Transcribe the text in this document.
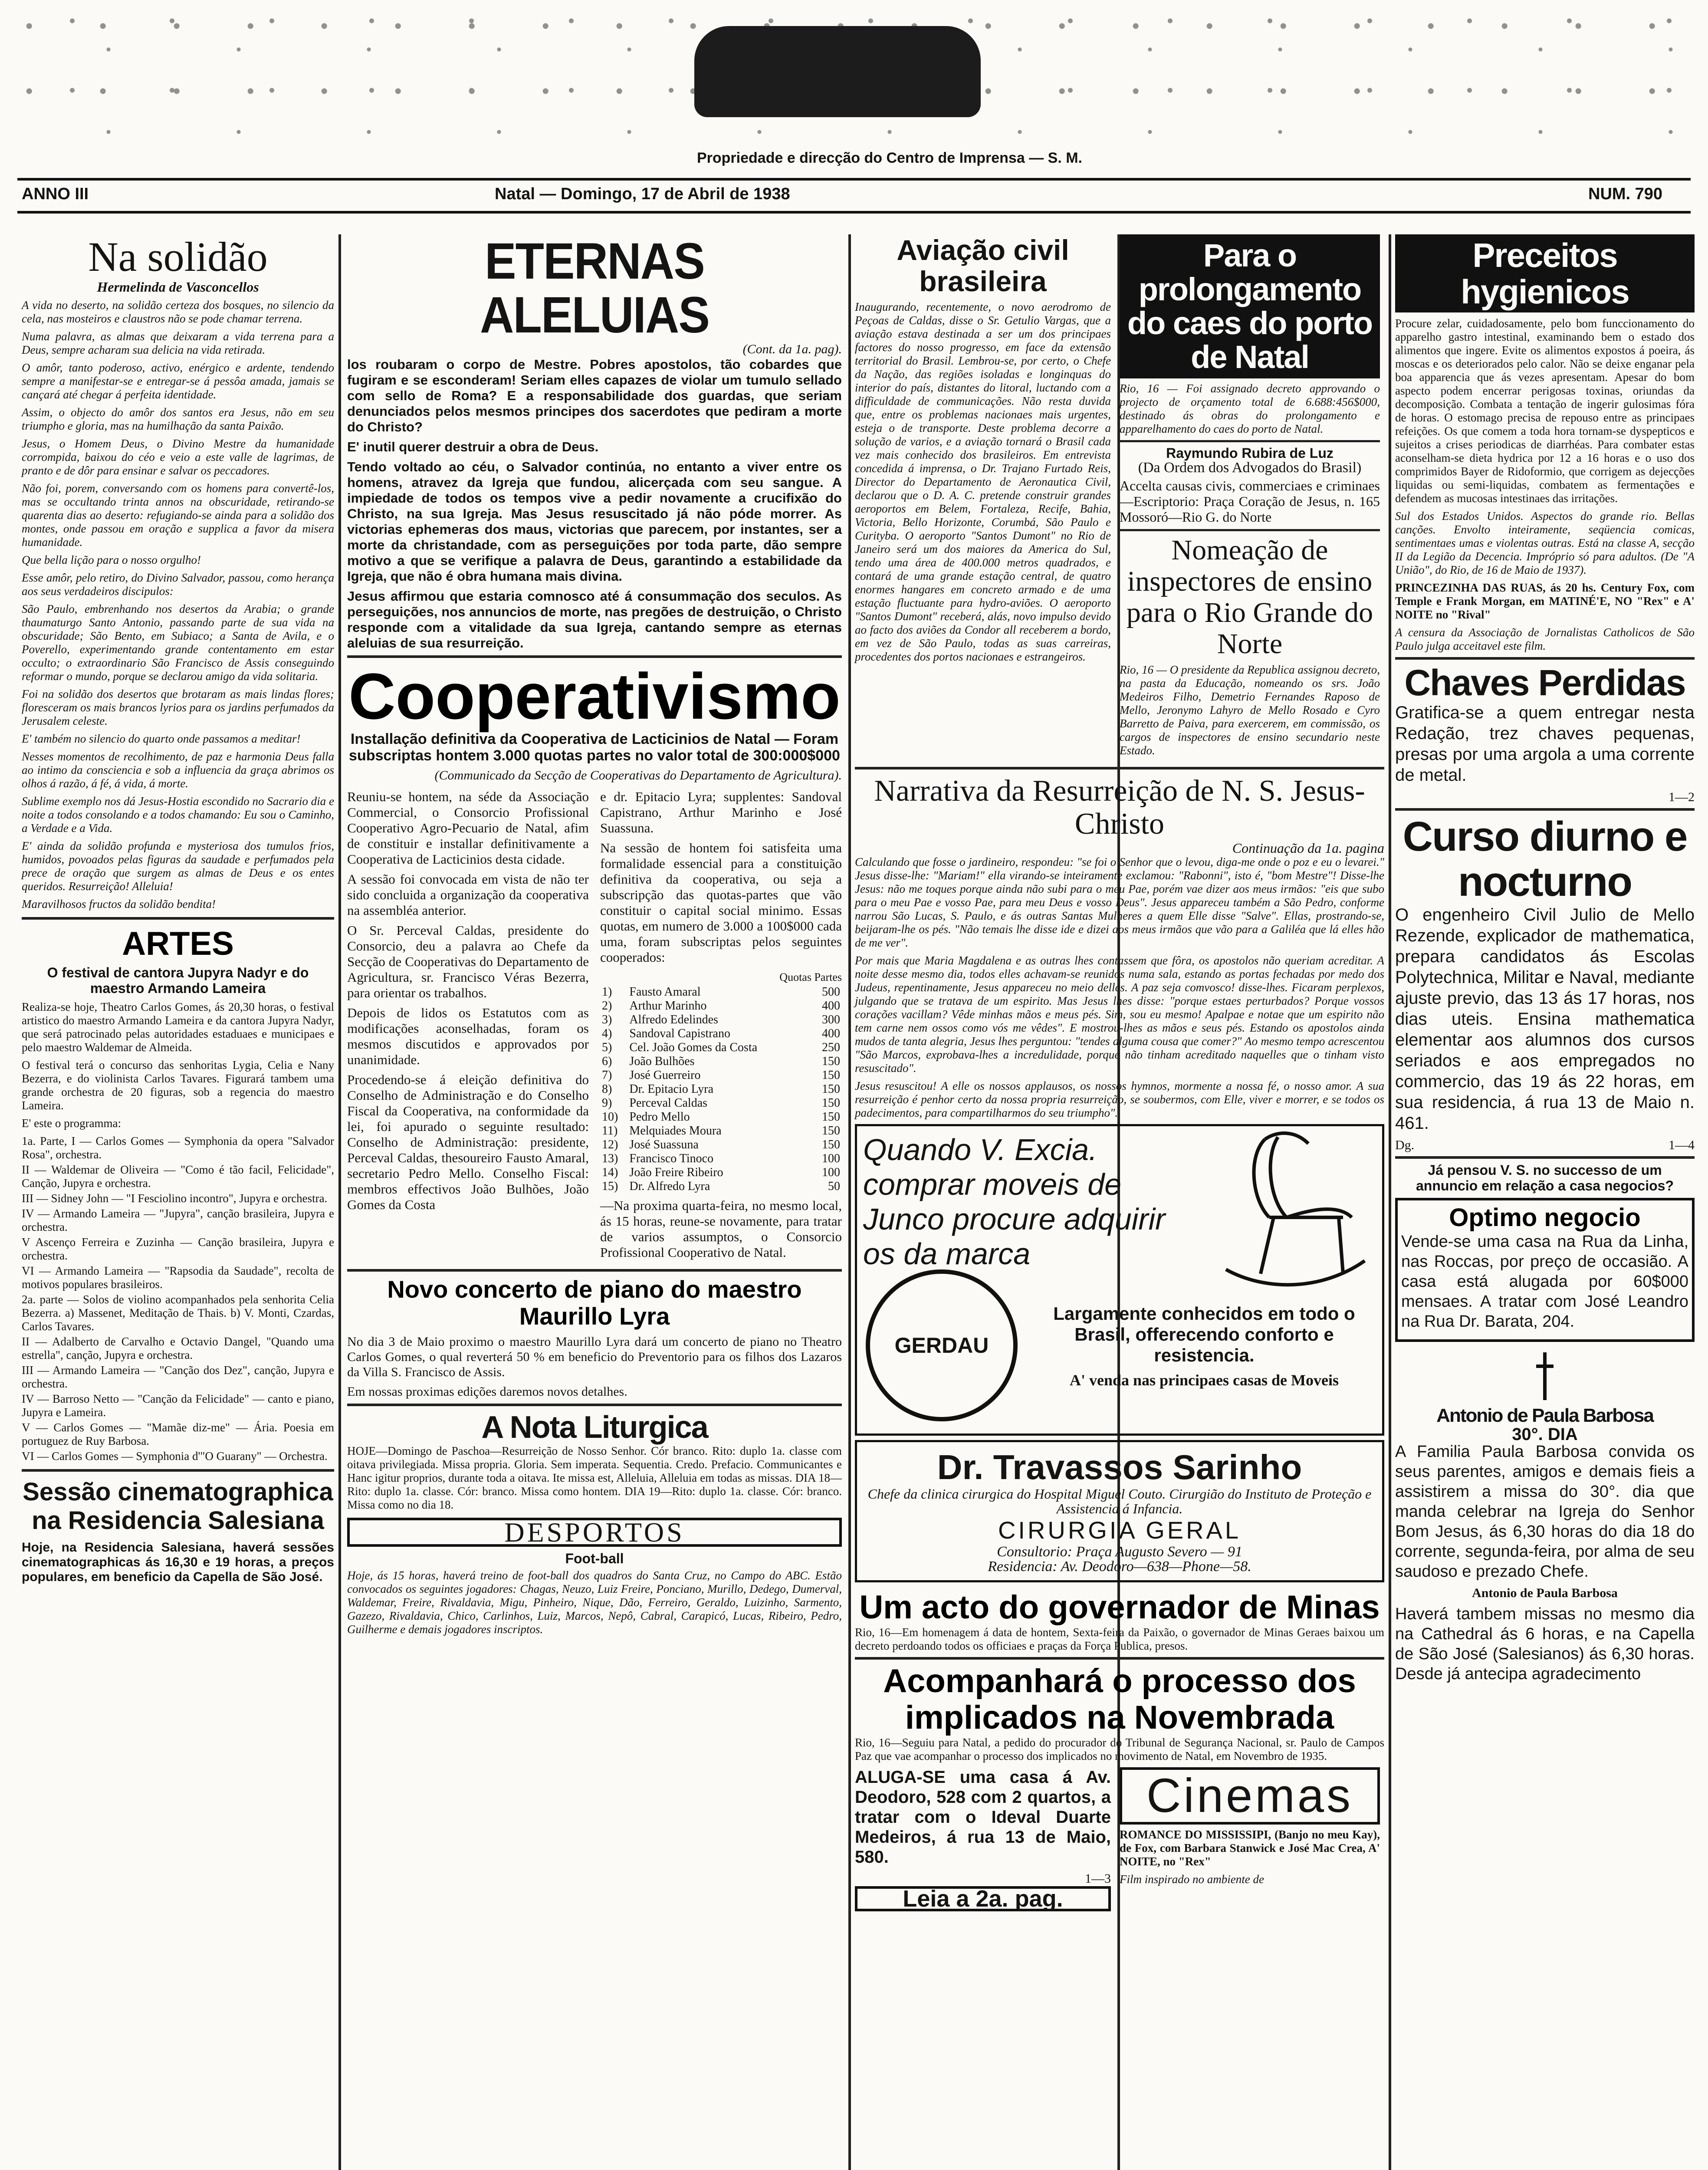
Propriedade e direcção do Centro de Imprensa — S. M.
ANNO III	Natal — Domingo, 17 de Abril de 1938	NUM. 790
Na solidão
Hermelinda de Vasconcellos

A vida no deserto, na solidão certeza dos bosques, no silencio da cela, nas mosteiros e claustros não se pode chamar terrena.

Numa palavra, as almas que deixaram a vida terrena para a Deus, sempre acharam sua delicia na vida retirada.

O amôr, tanto poderoso, activo, enérgico e ardente, tendendo sempre a manifestar-se e entregar-se á pessôa amada, jamais se cançará até chegar á perfeita identidade.

Assim, o objecto do amôr dos santos era Jesus, não em seu triumpho e gloria, mas na humilhação da santa Paixão.

Jesus, o Homem Deus, o Divino Mestre da humanidade corrompida, baixou do céo e veio a este valle de lagrimas, de pranto e de dôr para ensinar e salvar os peccadores.

Não foi, porem, conversando com os homens para convertê-los, mas se occultando trinta annos na obscuridade, retirando-se quarenta dias ao deserto: refugiando-se ainda para a solidão dos montes, onde passou em oração e supplica a favor da misera humanidade.

Que bella lição para o nosso orgulho!

Esse amôr, pelo retiro, do Divino Salvador, passou, como herança aos seus verdadeiros discipulos:

São Paulo, embrenhando nos desertos da Arabia; o grande thaumaturgo Santo Antonio, passando parte de sua vida na obscuridade; São Bento, em Subiaco; a Santa de Avila, e o Poverello, experimentando grande contentamento em estar occulto; o extraordinario São Francisco de Assis conseguindo reformar o mundo, porque se declarou amigo da vida solitaria.

Foi na solidão dos desertos que brotaram as mais lindas flores; floresceram os mais brancos lyrios para os jardins perfumados da Jerusalem celeste.

E' também no silencio do quarto onde passamos a meditar!

Nesses momentos de recolhimento, de paz e harmonia Deus falla ao intimo da consciencia e sob a influencia da graça abrimos os olhos á razão, á fé, á vida, á morte.

Sublime exemplo nos dá Jesus-Hostia escondido no Sacrario dia e noite a todos consolando e a todos chamando: Eu sou o Caminho, a Verdade e a Vida.

E' ainda da solidão profunda e mysteriosa dos tumulos frios, humidos, povoados pelas figuras da saudade e perfumados pela prece de oração que surgem as almas de Deus e os entes queridos. Resurreição! Alleluia!

Maravilhosos fructos da solidão bendita!

ARTES
O festival de cantora Jupyra Nadyr e do maestro Armando Lameira

Realiza-se hoje, Theatro Carlos Gomes, ás 20,30 horas, o festival artistico do maestro Armando Lameira e da cantora Jupyra Nadyr, que será patrocinado pelas autoridades estaduaes e municipaes e pelo maestro Waldemar de Almeida.

O festival terá o concurso das senhoritas Lygia, Celia e Nany Bezerra, e do violinista Carlos Tavares. Figurará tambem uma grande orchestra de 20 figuras, sob a regencia do maestro Lameira.

E' este o programma:

1a. Parte, I — Carlos Gomes — Symphonia da opera "Salvador Rosa", orchestra.

II — Waldemar de Oliveira — "Como é tão facil, Felicidade", Canção, Jupyra e orchestra.

III — Sidney John — "I Fesciolino incontro", Jupyra e orchestra.

IV — Armando Lameira — "Jupyra", canção brasileira, Jupyra e orchestra.

V Ascenço Ferreira e Zuzinha — Canção brasileira, Jupyra e orchestra.

VI — Armando Lameira — "Rapsodia da Saudade", recolta de motivos populares brasileiros.

2a. parte — Solos de violino acompanhados pela senhorita Celia Bezerra. a) Massenet, Meditação de Thais. b) V. Monti, Czardas, Carlos Tavares.

II — Adalberto de Carvalho e Octavio Dangel, "Quando uma estrella", canção, Jupyra e orchestra.

III — Armando Lameira — "Canção dos Dez", canção, Jupyra e orchestra.

IV — Barroso Netto — "Canção da Felicidade" — canto e piano, Jupyra e Lameira.

V — Carlos Gomes — "Mamãe diz-me" — Ária. Poesia em portuguez de Ruy Barbosa.

VI — Carlos Gomes — Symphonia d'"O Guarany" — Orchestra.

Sessão cinematographica na Residencia Salesiana

Hoje, na Residencia Salesiana, haverá sessões cinematographicas ás 16,30 e 19 horas, a preços populares, em beneficio da Capella de São José.

ETERNAS ALELUIAS
(Cont. da 1a. pag).

los roubaram o corpo de Mestre. Pobres apostolos, tão cobardes que fugiram e se esconderam! Seriam elles capazes de violar um tumulo sellado com sello de Roma? E a responsabilidade dos guardas, que seriam denunciados pelos mesmos principes dos sacerdotes que pediram a morte do Christo?

E' inutil querer destruir a obra de Deus.

Tendo voltado ao céu, o Salvador continúa, no entanto a viver entre os homens, atravez da Igreja que fundou, alicerçada com seu sangue. A impiedade de todos os tempos vive a pedir novamente a crucifixão do Christo, na sua Igreja. Mas Jesus resuscitado já não póde morrer. As victorias ephemeras dos maus, victorias que parecem, por instantes, ser a morte da christandade, com as perseguições por toda parte, dão sempre motivo a que se verifique a palavra de Deus, garantindo a estabilidade da Igreja, que não é obra humana mais divina.

Jesus affirmou que estaria comnosco até á consummação dos seculos. As perseguições, nos annuncios de morte, nas pregões de destruição, o Christo responde com a vitalidade da sua Igreja, cantando sempre as eternas aleluias de sua resurreição.

Cooperativismo
Installação definitiva da Cooperativa de Lacticinios de Natal — Foram subscriptas hontem 3.000 quotas partes no valor total de 300:000$000
(Communicado da Secção de Cooperativas do Departamento de Agricultura).

Reuniu-se hontem, na séde da Associação Commercial, o Consorcio Profissional Cooperativo Agro-Pecuario de Natal, afim de constituir e installar definitivamente a Cooperativa de Lacticinios desta cidade.

A sessão foi convocada em vista de não ter sido concluida a organização da cooperativa na assembléa anterior.

O Sr. Perceval Caldas, presidente do Consorcio, deu a palavra ao Chefe da Secção de Cooperativas do Departamento de Agricultura, sr. Francisco Véras Bezerra, para orientar os trabalhos.

Depois de lidos os Estatutos com as modificações aconselhadas, foram os mesmos discutidos e approvados por unanimidade.

Procedendo-se á eleição definitiva do Conselho de Administração e do Conselho Fiscal da Cooperativa, na conformidade da lei, foi apurado o seguinte resultado: Conselho de Administração: presidente, Perceval Caldas, thesoureiro Fausto Amaral, secretario Pedro Mello. Conselho Fiscal: membros effectivos João Bulhões, João Gomes da Costa

e dr. Epitacio Lyra; supplentes: Sandoval Capistrano, Arthur Marinho e José Suassuna.

Na sessão de hontem foi satisfeita uma formalidade essencial para a constituição definitiva da cooperativa, ou seja a subscripção das quotas-partes que vão constituir o capital social minimo. Essas quotas, em numero de 3.000 a 100$000 cada uma, foram subscriptas pelos seguintes cooperados:

Quotas Partes
1)	Fausto Amaral	500
2)	Arthur Marinho	400
3)	Alfredo Edelindes	300
4)	Sandoval Capistrano	400
5)	Cel. João Gomes da Costa	250
6)	João Bulhões	150
7)	José Guerreiro	150
8)	Dr. Epitacio Lyra	150
9)	Perceval Caldas	150
10)	Pedro Mello	150
11)	Melquiades Moura	150
12)	José Suassuna	150
13)	Francisco Tinoco	100
14)	João Freire Ribeiro	100
15)	Dr. Alfredo Lyra	50

—Na proxima quarta-feira, no mesmo local, ás 15 horas, reune-se novamente, para tratar de varios assumptos, o Consorcio Profissional Cooperativo de Natal.

Novo concerto de piano do maestro Maurillo Lyra

No dia 3 de Maio proximo o maestro Maurillo Lyra dará um concerto de piano no Theatro Carlos Gomes, o qual reverterá 50 % em beneficio do Preventorio para os filhos dos Lazaros da Villa S. Francisco de Assis.

Em nossas proximas edições daremos novos detalhes.

A Nota Liturgica

HOJE—Domingo de Paschoa—Resurreição de Nosso Senhor. Cór branco. Rito: duplo 1a. classe com oitava privilegiada. Missa propria. Gloria. Sem imperata. Sequentia. Credo. Prefacio. Communicantes e Hanc igitur proprios, durante toda a oitava. Ite missa est, Alleluia, Alleluia em todas as missas. DIA 18—Rito: duplo 1a. classe. Cór: branco. Missa como hontem. DIA 19—Rito: duplo 1a. classe. Cór: branco. Missa como no dia 18.

DESPORTOS
Foot-ball

Hoje, ás 15 horas, haverá treino de foot-ball dos quadros do Santa Cruz, no Campo do ABC. Estão convocados os seguintes jogadores: Chagas, Neuzo, Luiz Freire, Ponciano, Murillo, Dedego, Dumerval, Waldemar, Freire, Rivaldavia, Migu, Pinheiro, Nique, Dão, Ferreiro, Geraldo, Luizinho, Sarmento, Gazezo, Rivaldavia, Chico, Carlinhos, Luiz, Marcos, Nepô, Cabral, Carapicó, Lucas, Ribeiro, Pedro, Guilherme e demais jogadores inscriptos.

Aviação civil brasileira

Inaugurando, recentemente, o novo aerodromo de Peçoas de Caldas, disse o Sr. Getulio Vargas, que a aviação estava destinada a ser um dos principaes factores do nosso progresso, em face da extensão territorial do Brasil. Lembrou-se, por certo, o Chefe da Nação, das regiões isoladas e longinquas do interior do país, distantes do litoral, luctando com a difficuldade de communicações. Não resta duvida que, entre os problemas nacionaes mais urgentes, esteja o de transporte. Deste problema decorre a solução de varios, e a aviação tornará o Brasil cada vez mais conhecido dos brasileiros. Em entrevista concedida á imprensa, o Dr. Trajano Furtado Reis, Director do Departamento de Aeronautica Civil, declarou que o D. A. C. pretende construir grandes aeroportos em Belem, Fortaleza, Recife, Bahia, Victoria, Bello Horizonte, Corumbá, São Paulo e Curityba. O aeroporto "Santos Dumont" no Rio de Janeiro será um dos maiores da America do Sul, tendo uma área de 400.000 metros quadrados, e contará de uma grande estação central, de quatro enormes hangares em concreto armado e de uma estação fluctuante para hydro-aviões. O aeroporto "Santos Dumont" receberá, alás, novo impulso devido ao facto dos aviões da Condor all receberem a bordo, em vez de São Paulo, todas as suas carreiras, procedentes dos portos nacionaes e estrangeiros.

Para o prolongamento do caes do porto de Natal

Rio, 16 — Foi assignado decreto approvando o projecto de orçamento total de 6.688:456$000, destinado ás obras do prolongamento e apparelhamento do caes do porto de Natal.

Raymundo Rubira de Luz
(Da Ordem dos Advogados do Brasil)

Accelta causas civis, commerciaes e criminaes—Escriptorio: Praça Coração de Jesus, n. 165 Mossoró—Rio G. do Norte

Nomeação de inspectores de ensino para o Rio Grande do Norte

Rio, 16 — O presidente da Republica assignou decreto, na pasta da Educação, nomeando os srs. João Medeiros Filho, Demetrio Fernandes Raposo de Mello, Jeronymo Lahyro de Mello Rosado e Cyro Barretto de Paiva, para exercerem, em commissão, os cargos de inspectores de ensino secundario neste Estado.

Narrativa da Resurreição de N. S. Jesus-Christo
Continuação da 1a. pagina

Calculando que fosse o jardineiro, respondeu: "se foi o Senhor que o levou, diga-me onde o poz e eu o levarei." Jesus disse-lhe: "Mariam!" ella virando-se inteiramente exclamou: "Rabonni", isto é, "bom Mestre"! Disse-lhe Jesus: não me toques porque ainda não subi para o meu Pae, porém vae dizer aos meus irmãos: "eis que subo para o meu Pae e vosso Pae, para meu Deus e vosso Deus". Jesus appareceu também a São Pedro, conforme narrou São Lucas, S. Paulo, e ás outras Santas Mulheres a quem Elle disse "Salve". Ellas, prostrando-se, beijaram-lhe os pés. "Não temais lhe disse ide e dizei aos meus irmãos que vão para a Galiléa que lá elles hão de me ver".

Por mais que Maria Magdalena e as outras lhes contassem que fôra, os apostolos não queriam acreditar. A noite desse mesmo dia, todos elles achavam-se reunidos numa sala, estando as portas fechadas por medo dos Judeus, repentinamente, Jesus appareceu no meio delles. A paz seja comvosco! disse-lhes. Ficaram perplexos, julgando que se tratava de um espirito. Mas Jesus lhes disse: "porque estaes perturbados? Porque vossos corações vacillam? Vêde minhas mãos e meus pés. Sim, sou eu mesmo! Apalpae e notae que um espirito não tem carne nem ossos como vós me vêdes". E mostrou-lhes as mãos e seus pés. Estando os apostolos ainda mudos de tanta alegria, Jesus lhes perguntou: "tendes alguma cousa que comer?" Ao mesmo tempo acrescentou "São Marcos, exprobava-lhes a incredulidade, porque não tinham acreditado naquelles que o tinham visto resuscitado".

Jesus resuscitou! A elle os nossos applausos, os nossos hymnos, mormente a nossa fé, o nosso amor. A sua resurreição é penhor certo da nossa propria resurreição, se soubermos, com Elle, viver e morrer, e se todos os padecimentos, para compartilharmos do seu triumpho".

Quando V. Excia. comprar moveis de Junco procure adquirir os da marca
GERDAU
Largamente conhecidos em todo o Brasil, offerecendo conforto e resistencia.
A' venda nas principaes casas de Moveis
Dr. Travassos Sarinho
Chefe da clinica cirurgica do Hospital Miguel Couto. Cirurgião do Instituto de Proteção e Assistencia á Infancia.
CIRURGIA GERAL
Consultorio: Praça Augusto Severo — 91
Residencia: Av. Deodoro—638—Phone—58.
Um acto do governador de Minas

Rio, 16—Em homenagem á data de hontem, Sexta-feira da Paixão, o governador de Minas Geraes baixou um decreto perdoando todos os officiaes e praças da Força Publica, presos.

Acompanhará o processo dos implicados na Novembrada

Rio, 16—Seguiu para Natal, a pedido do procurador do Tribunal de Segurança Nacional, sr. Paulo de Campos Paz que vae acompanhar o processo dos implicados no movimento de Natal, em Novembro de 1935.

ALUGA-SE uma casa á Av. Deodoro, 528 com 2 quartos, a tratar com o Ideval Duarte Medeiros, á rua 13 de Maio, 580.

1—3
Leia a 2a. pag.
Cinemas

ROMANCE DO MISSISSIPI, (Banjo no meu Kay), de Fox, com Barbara Stanwick e José Mac Crea, A' NOITE, no "Rex"

Film inspirado no ambiente de

Preceitos hygienicos

Procure zelar, cuidadosamente, pelo bom funccionamento do apparelho gastro intestinal, examinando bem o estado dos alimentos que ingere. Evite os alimentos expostos á poeira, ás moscas e os deteriorados pelo calor. Não se deixe enganar pela boa apparencia que ás vezes apresentam. Apesar do bom aspecto podem encerrar perigosas toxinas, oriundas da decomposição. Combata a tentação de ingerir gulosimas fóra de horas. O estomago precisa de repouso entre as principaes refeições. Os que comem a toda hora tornam-se dyspepticos e sujeitos a crises periodicas de diarrhéas. Para combater estas aconselham-se dieta hydrica por 12 a 16 horas e o uso dos comprimidos Bayer de Ridoformio, que corrigem as dejecções liquidas ou semi-liquidas, combatem as fermentações e defendem as mucosas intestinaes das irritações.

Sul dos Estados Unidos. Aspectos do grande rio. Bellas canções. Envolto inteiramente, seqüencia comicas, sentimentaes umas e violentas outras. Está na classe A, secção II da Legião da Decencia. Impróprio só para adultos. (De "A União", do Rio, de 16 de Maio de 1937).

PRINCEZINHA DAS RUAS, ás 20 hs. Century Fox, com Temple e Frank Morgan, em MATINÉ'E, NO "Rex" e A' NOITE no "Rival"

A censura da Associação de Jornalistas Catholicos de São Paulo julga acceitavel este film.

Chaves Perdidas

Gratifica-se a quem entregar nesta Redação, trez chaves pequenas, presas por uma argola a uma corrente de metal.

1—2
Curso diurno e nocturno

O engenheiro Civil Julio de Mello Rezende, explicador de mathematica, prepara candidatos ás Escolas Polytechnica, Militar e Naval, mediante ajuste previo, das 13 ás 17 horas, nos dias uteis. Ensina mathematica elementar aos alumnos dos cursos seriados e aos empregados no commercio, das 19 ás 22 horas, em sua residencia, á rua 13 de Maio n. 461.

Dg.	1—4

Já pensou V. S. no successo de um annuncio em relação a casa negocios?

Optimo negocio

Vende-se uma casa na Rua da Linha, nas Roccas, por preço de occasião. A casa está alugada por 60$000 mensaes. A tratar com José Leandro na Rua Dr. Barata, 204.

Antonio de Paula Barbosa
30°. DIA

A Familia Paula Barbosa convida os seus parentes, amigos e demais fieis a assistirem a missa do 30°. dia que manda celebrar na Igreja do Senhor Bom Jesus, ás 6,30 horas do dia 18 do corrente, segunda-feira, por alma de seu saudoso e prezado Chefe.

Antonio de Paula Barbosa

Haverá tambem missas no mesmo dia na Cathedral ás 6 horas, e na Capella de São José (Salesianos) ás 6,30 horas. Desde já antecipa agradecimento
